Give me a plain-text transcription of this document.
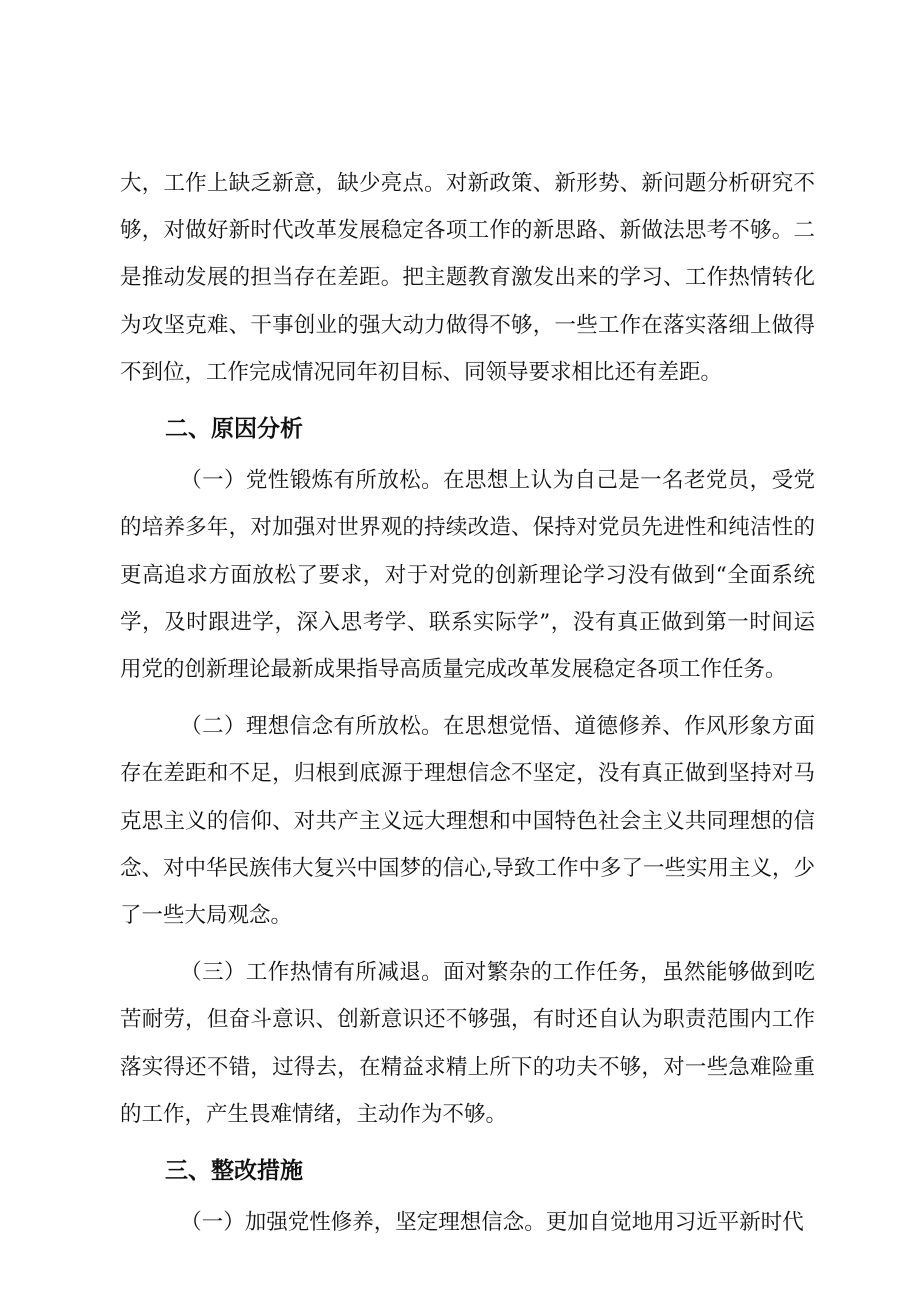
大，工作上缺乏新意，缺少亮点。对新政策、新形势、新问题分析研究不够，对做好新时代改革发展稳定各项工作的新思路、新做法思考不够。二是推动发展的担当存在差距。把主题教育激发出来的学习、工作热情转化为攻坚克难、干事创业的强大动力做得不够，一些工作在落实落细上做得不到位，工作完成情况同年初目标、同领导要求相比还有差距。

二、原因分析

（一）党性锻炼有所放松。在思想上认为自己是一名老党员，受党的培养多年，对加强对世界观的持续改造、保持对党员先进性和纯洁性的更高追求方面放松了要求，对于对党的创新理论学习没有做到“全面系统学，及时跟进学，深入思考学、联系实际学”，没有真正做到第一时间运用党的创新理论最新成果指导高质量完成改革发展稳定各项工作任务。

（二）理想信念有所放松。在思想觉悟、道德修养、作风形象方面存在差距和不足，归根到底源于理想信念不坚定，没有真正做到坚持对马克思主义的信仰、对共产主义远大理想和中国特色社会主义共同理想的信念、对中华民族伟大复兴中国梦的信心,导致工作中多了一些实用主义，少了一些大局观念。

（三）工作热情有所减退。面对繁杂的工作任务，虽然能够做到吃苦耐劳，但奋斗意识、创新意识还不够强，有时还自认为职责范围内工作落实得还不错，过得去，在精益求精上所下的功夫不够，对一些急难险重的工作，产生畏难情绪，主动作为不够。

三、整改措施

（一）加强党性修养，坚定理想信念。更加自觉地用习近平新时代
